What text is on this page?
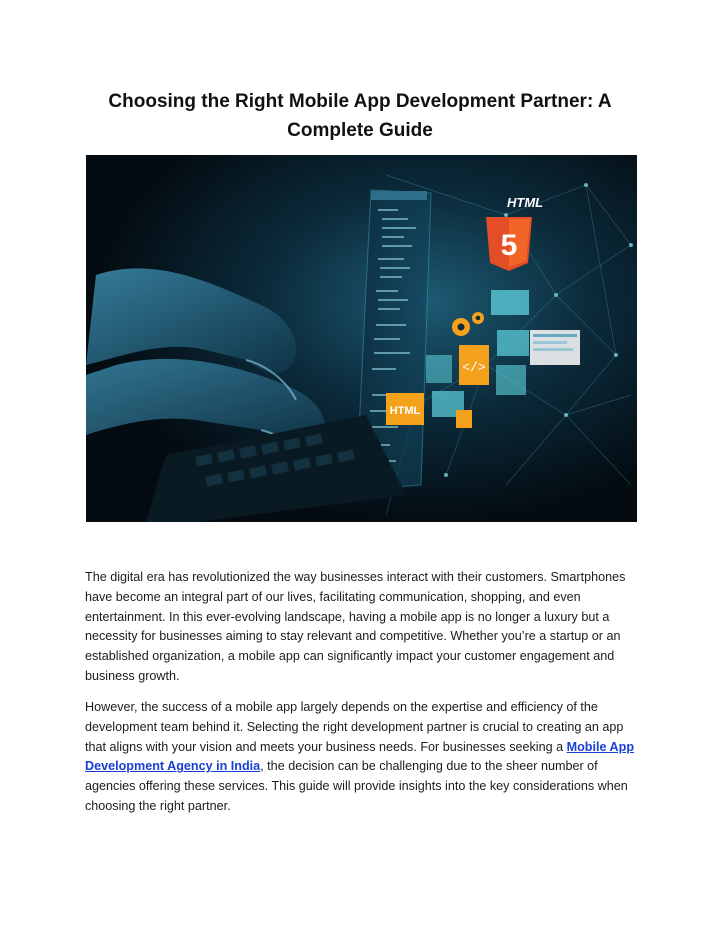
Choosing the Right Mobile App Development Partner: A
Complete Guide
HTML
5
</>
HTML
The digital era has revolutionized the way businesses interact with their customers. Smartphones have become an integral part of our lives, facilitating communication, shopping, and even entertainment. In this ever-evolving landscape, having a mobile app is no longer a luxury but a necessity for businesses aiming to stay relevant and competitive. Whether you’re a startup or an established organization, a mobile app can significantly impact your customer engagement and business growth.
However, the success of a mobile app largely depends on the expertise and efficiency of the development team behind it. Selecting the right development partner is crucial to creating an app that aligns with your vision and meets your business needs. For businesses seeking a Mobile App Development Agency in India, the decision can be challenging due to the sheer number of agencies offering these services. This guide will provide insights into the key considerations when choosing the right partner.
